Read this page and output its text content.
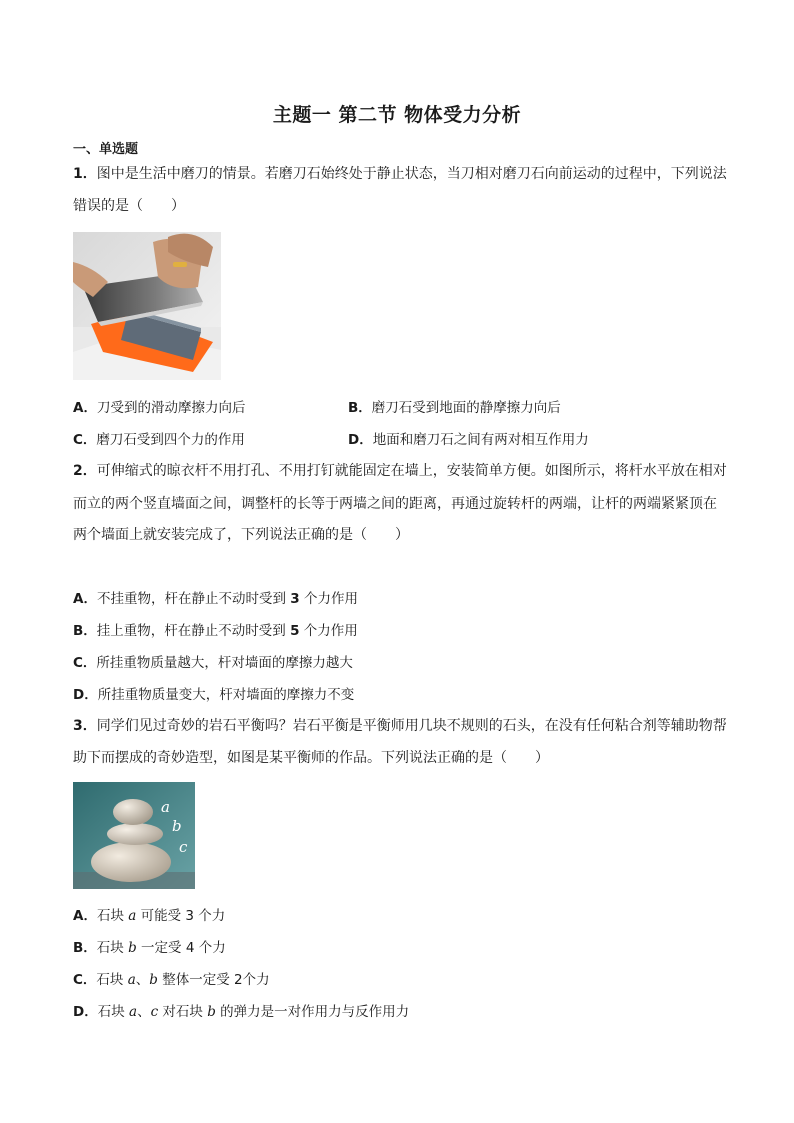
主题一 第二节 物体受力分析
一、单选题
1．图中是生活中磨刀的情景。若磨刀石始终处于静止状态，当刀相对磨刀石向前运动的过程中，下列说法
错误的是（　　）
A．刀受到的滑动摩擦力向后	B．磨刀石受到地面的静摩擦力向后
C．磨刀石受到四个力的作用	D．地面和磨刀石之间有两对相互作用力
2．可伸缩式的晾衣杆不用打孔、不用打钉就能固定在墙上，安装简单方便。如图所示，将杆水平放在相对
而立的两个竖直墙面之间，调整杆的长等于两墙之间的距离，再通过旋转杆的两端，让杆的两端紧紧顶在
两个墙面上就安装完成了，下列说法正确的是（　　）
A．不挂重物，杆在静止不动时受到 3 个力作用
B．挂上重物，杆在静止不动时受到 5 个力作用
C．所挂重物质量越大，杆对墙面的摩擦力越大
D．所挂重物质量变大，杆对墙面的摩擦力不变
3．同学们见过奇妙的岩石平衡吗？岩石平衡是平衡师用几块不规则的石头，在没有任何粘合剂等辅助物帮
助下而摆成的奇妙造型，如图是某平衡师的作品。下列说法正确的是（　　）
a
b
c
A．石块 a 可能受 3 个力
B．石块 b 一定受 4 个力
C．石块 a、b 整体一定受 2个力
D．石块 a、c 对石块 b 的弹力是一对作用力与反作用力
